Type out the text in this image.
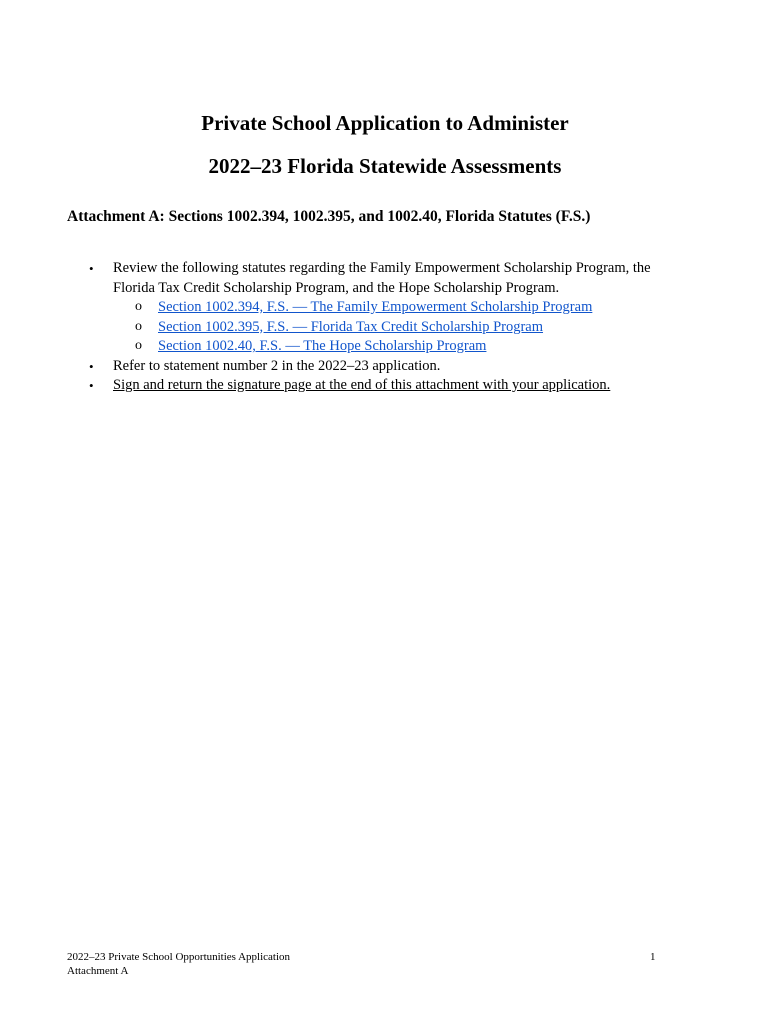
Private School Application to Administer
2022–23 Florida Statewide Assessments
Attachment A: Sections 1002.394, 1002.395, and 1002.40, Florida Statutes (F.S.)
• Review the following statutes regarding the Family Empowerment Scholarship Program, the
Florida Tax Credit Scholarship Program, and the Hope Scholarship Program.
o Section 1002.394, F.S. — The Family Empowerment Scholarship Program
o Section 1002.395, F.S. — Florida Tax Credit Scholarship Program
o Section 1002.40, F.S. — The Hope Scholarship Program
• Refer to statement number 2 in the 2022–23 application.
• Sign and return the signature page at the end of this attachment with your application.
2022–23 Private School Opportunities Application
Attachment A
1
